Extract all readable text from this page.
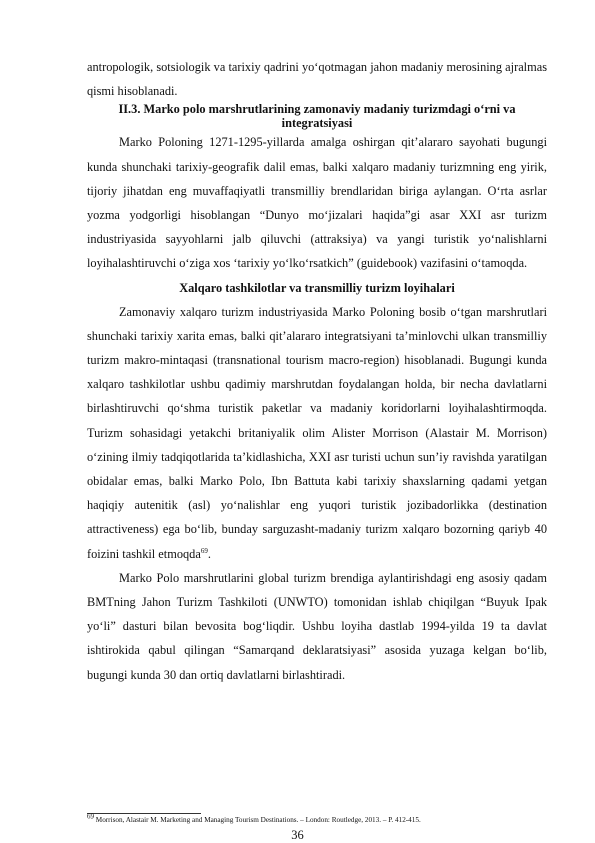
antropologik, sotsiologik va tarixiy qadrini yo‘qotmagan jahon madaniy merosining ajralmas qismi hisoblanadi.

II.3. Marko polo marshrutlarining zamonaviy madaniy turizmdagi o‘rni va integratsiyasi

Marko Poloning 1271-1295-yillarda amalga oshirgan qit’alararo sayohati bugungi kunda shunchaki tarixiy-geografik dalil emas, balki xalqaro madaniy turizmning eng yirik, tijoriy jihatdan eng muvaffaqiyatli transmilliy brendlaridan biriga aylangan. O‘rta asrlar yozma yodgorligi hisoblangan “Dunyo mo‘jizalari haqida”gi asar XXI asr turizm industriyasida sayyohlarni jalb qiluvchi (attraksiya) va yangi turistik yo‘nalishlarni loyihalashtiruvchi o‘ziga xos ‘tarixiy yo‘lko‘rsatkich” (guidebook) vazifasini o‘tamoqda.

Xalqaro tashkilotlar va transmilliy turizm loyihalari

Zamonaviy xalqaro turizm industriyasida Marko Poloning bosib o‘tgan marshrutlari shunchaki tarixiy xarita emas, balki qit’alararo integratsiyani ta’minlovchi ulkan transmilliy turizm makro-mintaqasi (transnational tourism macro-region) hisoblanadi. Bugungi kunda xalqaro tashkilotlar ushbu qadimiy marshrutdan foydalangan holda, bir necha davlatlarni birlashtiruvchi qo‘shma turistik paketlar va madaniy koridorlarni loyihalashtirmoqda. Turizm sohasidagi yetakchi britaniyalik olim Alister Morrison (Alastair M. Morrison) o‘zining ilmiy tadqiqotlarida ta’kidlashicha, XXI asr turisti uchun sun’iy ravishda yaratilgan obidalar emas, balki Marko Polo, Ibn Battuta kabi tarixiy shaxslarning qadami yetgan haqiqiy autenitik (asl) yo‘nalishlar eng yuqori turistik jozibadorlikka (destination attractiveness) ega bo‘lib, bunday sarguzasht-madaniy turizm xalqaro bozorning qariyb 40 foizini tashkil etmoqda$^{69}$.

Marko Polo marshrutlarini global turizm brendiga aylantirishdagi eng asosiy qadam BMTning Jahon Turizm Tashkiloti (UNWTO) tomonidan ishlab chiqilgan “Buyuk Ipak yo‘li” dasturi bilan bevosita bog‘liqdir. Ushbu loyiha dastlab 1994-yilda 19 ta davlat ishtirokida qabul qilingan “Samarqand deklaratsiyasi” asosida yuzaga kelgan bo‘lib, bugungi kunda 30 dan ortiq davlatlarni birlashtiradi.

$^{69}$ Morrison, Alastair M. Marketing and Managing Tourism Destinations. – London: Routledge, 2013. – P. 412-415.
36
